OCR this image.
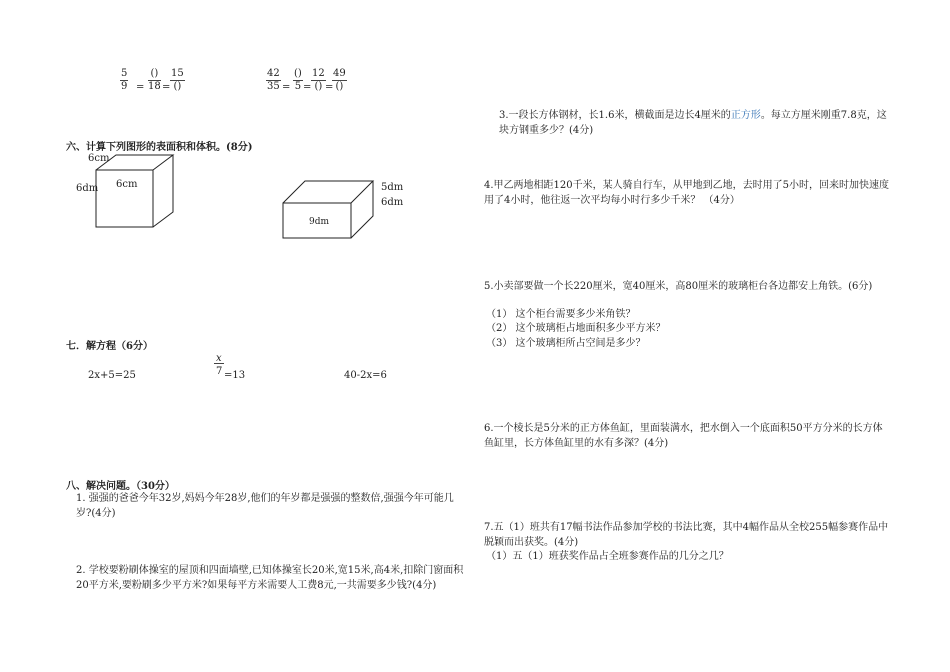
$\frac{5}{9}$ =
()
18 =
15
()	$\frac{42}{35}$ =
()
5 =
12
() =
49
()
六、计算下列图形的表面积和体积。(8分)
6cm
6dm 6cm	5dm
6dm
9dm
七．解方程（6分）
2x+5=25
x
7 =13	40-2x=6
八、解决问题。（30分）
1. 强强的爸爸今年32岁,妈妈今年28岁,他们的年岁都是强强的整数倍,强强今年可能几岁?(4分)
2. 学校要粉刷体操室的屋顶和四面墙壁,已知体操室长20米,宽15米,高4米,扣除门窗面积20平方米,要粉刷多少平方米?如果每平方米需要人工费8元,一共需要多少钱?(4分)
3.一段长方体钢材，长1.6米，横截面是边长4厘米的正方形。每立方厘米刚重7.8克，这块方钢重多少？(4分)
4.甲乙两地相距120千米，某人骑自行车，从甲地到乙地，去时用了5小时，回来时加快速度用了4小时，他往返一次平均每小时行多少千米？ （4分）
5.小卖部要做一个长220厘米，宽40厘米，高80厘米的玻璃柜台各边都安上角铁。(6分)
（1） 这个柜台需要多少米角铁？
（2） 这个玻璃柜占地面积多少平方米？
（3） 这个玻璃柜所占空间是多少？
6.一个棱长是5分米的正方体鱼缸，里面装满水，把水倒入一个底面积50平方分米的长方体鱼缸里，长方体鱼缸里的水有多深？(4分)
7.五（1）班共有17幅书法作品参加学校的书法比赛，其中4幅作品从全校255幅参赛作品中脱颖而出获奖。(4分)
（1）五（1）班获奖作品占全班参赛作品的几分之几？
